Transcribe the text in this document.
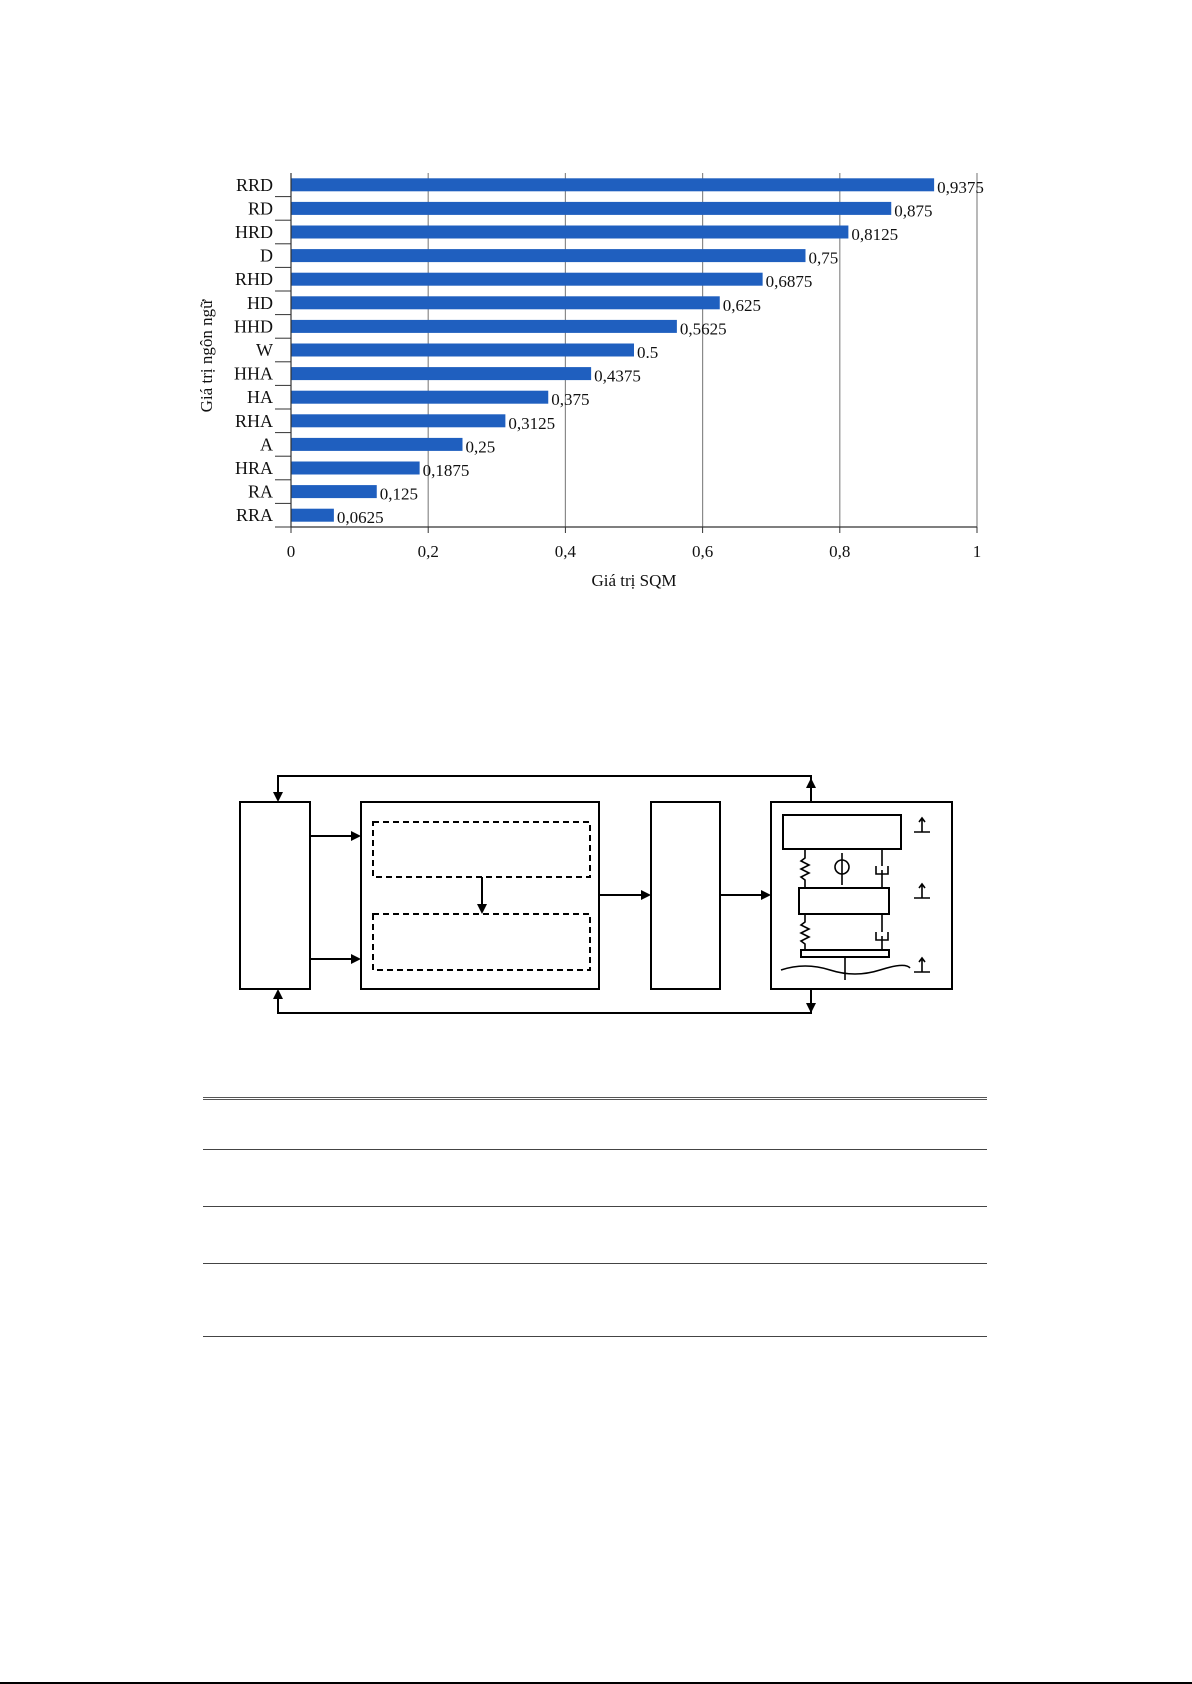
0,9375
0,875
0,8125
0,75
0,6875
0,625
0,5625
0.5
0,4375
0,375
0,3125
0,25
0,1875
0,125
0,0625
0	0,2	0,4	0,6	0,8	1
RRD
RD
HRD
D
RHD
HD
HHD
W
HHA
HA
RHA
A
HRA
RA
RRA
Giá trị SQM
Giá trị ngôn ngữ
